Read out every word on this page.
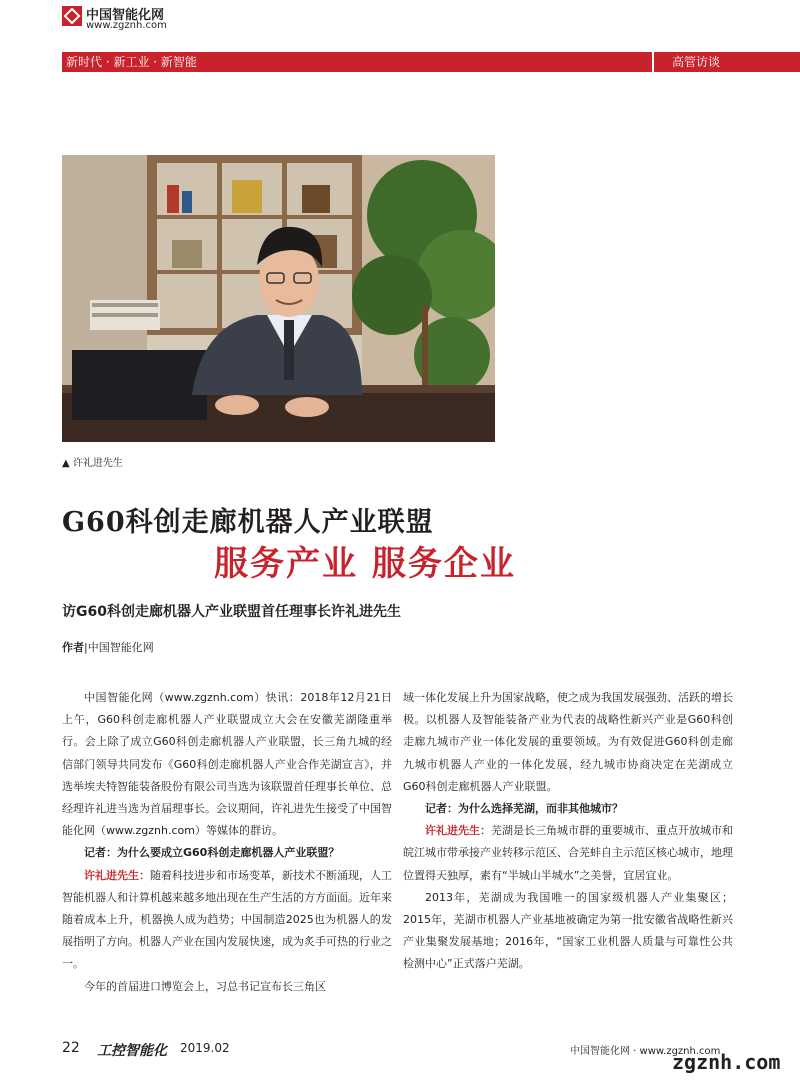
中国智能化网
www.zgznh.com
新时代 · 新工业 · 新智能	高管访谈
▲ 许礼进先生
G60科创走廊机器人产业联盟
服务产业 服务企业
访G60科创走廊机器人产业联盟首任理事长许礼进先生
作者|中国智能化网

中国智能化网（www.zgznh.com）快讯：2018年12月21日上午，G60科创走廊机器人产业联盟成立大会在安徽芜湖隆重举行。会上除了成立G60科创走廊机器人产业联盟，长三角九城的经信部门领导共同发布《G60科创走廊机器人产业合作芜湖宣言》，并选举埃夫特智能装备股份有限公司当选为该联盟首任理事长单位、总经理许礼进当选为首届理事长。会议期间，许礼进先生接受了中国智能化网（www.zgznh.com）等媒体的群访。

记者：为什么要成立G60科创走廊机器人产业联盟？

许礼进先生：随着科技进步和市场变革，新技术不断涌现，人工智能机器人和计算机越来越多地出现在生产生活的方方面面。近年来随着成本上升，机器换人成为趋势；中国制造2025也为机器人的发展指明了方向。机器人产业在国内发展快速，成为炙手可热的行业之一。

今年的首届进口博览会上，习总书记宣布长三角区

域一体化发展上升为国家战略，使之成为我国发展强劲、活跃的增长极。以机器人及智能装备产业为代表的战略性新兴产业是G60科创走廊九城市产业一体化发展的重要领域。为有效促进G60科创走廊九城市机器人产业的一体化发展，经九城市协商决定在芜湖成立G60科创走廊机器人产业联盟。

记者：为什么选择芜湖，而非其他城市？

许礼进先生：芜湖是长三角城市群的重要城市、重点开放城市和皖江城市带承接产业转移示范区、合芜蚌自主示范区核心城市，地理位置得天独厚，素有“半城山半城水”之美誉，宜居宜业。

2013年，芜湖成为我国唯一的国家级机器人产业集聚区；2015年，芜湖市机器人产业基地被确定为第一批安徽省战略性新兴产业集聚发展基地；2016年，“国家工业机器人质量与可靠性公共检测中心”正式落户芜湖。

22 工控智能化 2019.02	中国智能化网 · www.zgznh.com
zgznh.com
